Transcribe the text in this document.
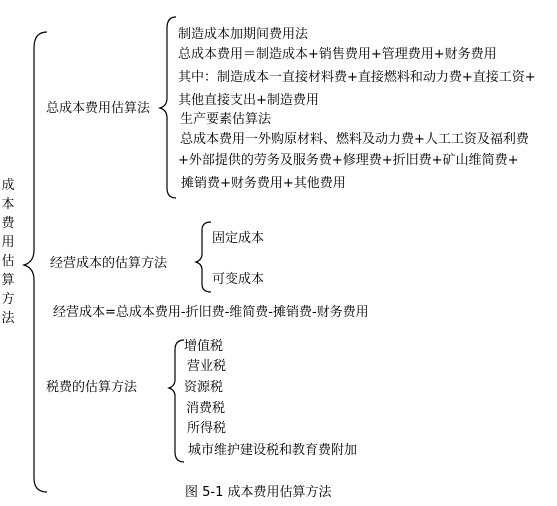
成本费用估算方法
总成本费用估算法
制造成本加期间费用法
总成本费用＝制造成本+销售费用+管理费用+财务费用
其中：制造成本一直接材料费+直接燃料和动力费+直接工资+
其他直接支出+制造费用
生产要素估算法
总成本费用一外购原材料、燃料及动力费+人工工资及福利费
+外部提供的劳务及服务费+修理费+折旧费+矿山维简费+
摊销费+财务费用+其他费用
经营成本的估算方法
固定成本
可变成本
经营成本=总成本费用-折旧费-维简费-摊销费-财务费用
税费的估算方法
增值税
营业税
资源税
消费税
所得税
城市维护建设税和教育费附加
图 5-1 成本费用估算方法
